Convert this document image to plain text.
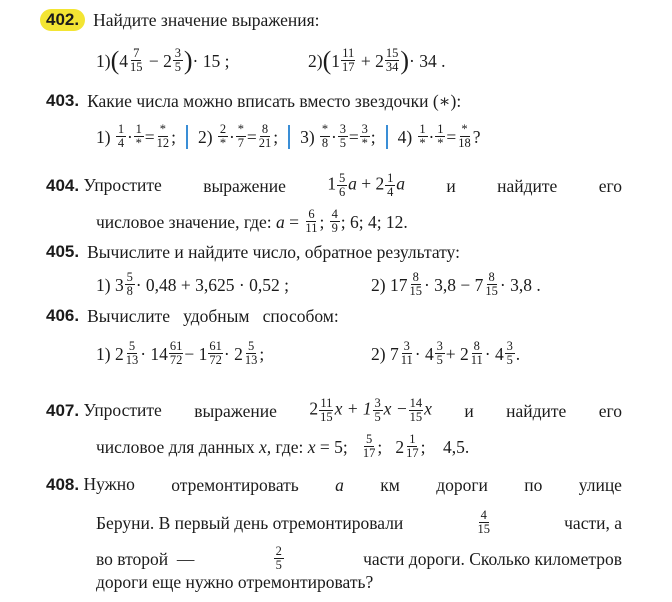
402. Найдите значение выражения:
1) ( $4 \frac{7}{15} - 2 \frac{3}{5}$ ) · 15 ;	2) ( $1 \frac{11}{17} + 2 \frac{15}{34}$ ) · 34 .
403. Какие числа можно вписать вместо звездочки (∗):
1)
$\frac{1}{4} \cdot \frac{1}{*} = \frac{*}{12}$ ; 2)
$\frac{2}{*} \cdot \frac{*}{7} = \frac{8}{21}$ ; 3)
$\frac{*}{8} \cdot \frac{3}{5} = \frac{3}{*}$ ; 4)
$\frac{1}{*} \cdot \frac{1}{*} = \frac{*}{18}$ ?
404. Упростите выражение $1 \frac{5}{6}$ $a + 2 \frac{1}{4}$ a и найдите его
числовое значение, где:
a
=
$\frac{6}{11}$ ; $\frac{4}{9}$ ; 6; 4; 12.
405. Вычислите и найдите число, обратное результату:
1)
$3 \frac{5}{8} \cdot 0,48 + 3,625 \cdot 0,52$ ;	2)
$17 \frac{8}{15} \cdot 3,8 - 7 \frac{8}{15} \cdot 3,8$ .
406. Вычислите   удобным   способом:
1)
$2 \frac{5}{13} \cdot 14 \frac{61}{72} - 1 \frac{61}{72} \cdot 2 \frac{5}{13}$ ;	2)
$7 \frac{3}{11} \cdot 4 \frac{3}{5} + 2 \frac{8}{11} \cdot 4 \frac{3}{5}$ .
407. Упростите выражение $2 \frac{11}{15}$ $x + 1 \frac{3}{5}$ $x - \frac{14}{15}$ x и найдите его
числовое для данных
x,
где:
x
=
5;
$\frac{5}{17}$ ;
$2 \frac{1}{17}$ ;    4,5.
408. Нужно отремонтировать a км дороги по улице
Беруни. В первый день отремонтировали	$\frac{4}{15}$	части, а
во второй  —	$\frac{2}{5}$	части дороги. Сколько километров
дороги еще нужно отремонтировать?
